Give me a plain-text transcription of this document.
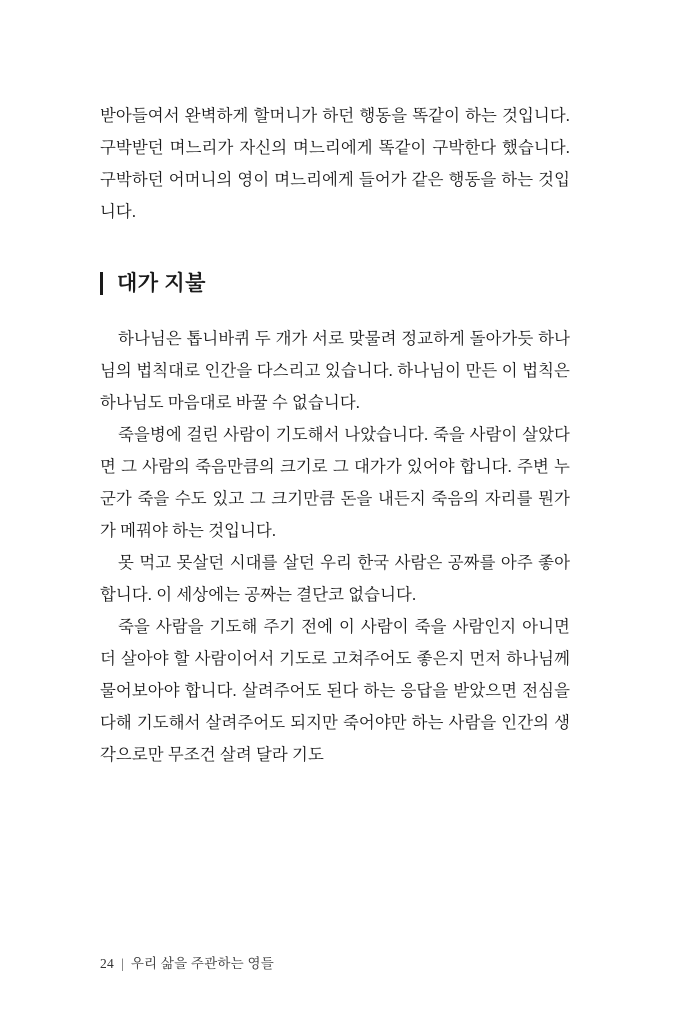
받아들여서 완벽하게 할머니가 하던 행동을 똑같이 하는 것입니다. 구박받던 며느리가 자신의 며느리에게 똑같이 구박한다 했습니다. 구박하던 어머니의 영이 며느리에게 들어가 같은 행동을 하는 것입니다.

대가 지불

하나님은 톱니바퀴 두 개가 서로 맞물려 정교하게 돌아가듯 하나님의 법칙대로 인간을 다스리고 있습니다. 하나님이 만든 이 법칙은 하나님도 마음대로 바꿀 수 없습니다.

죽을병에 걸린 사람이 기도해서 나았습니다. 죽을 사람이 살았다면 그 사람의 죽음만큼의 크기로 그 대가가 있어야 합니다. 주변 누군가 죽을 수도 있고 그 크기만큼 돈을 내든지 죽음의 자리를 뭔가가 메꿔야 하는 것입니다.

못 먹고 못살던 시대를 살던 우리 한국 사람은 공짜를 아주 좋아합니다. 이 세상에는 공짜는 결단코 없습니다.

죽을 사람을 기도해 주기 전에 이 사람이 죽을 사람인지 아니면 더 살아야 할 사람이어서 기도로 고쳐주어도 좋은지 먼저 하나님께 물어보아야 합니다. 살려주어도 된다 하는 응답을 받았으면 전심을 다해 기도해서 살려주어도 되지만 죽어야만 하는 사람을 인간의 생각으로만 무조건 살려 달라 기도

24 | 우리 삶을 주관하는 영들
